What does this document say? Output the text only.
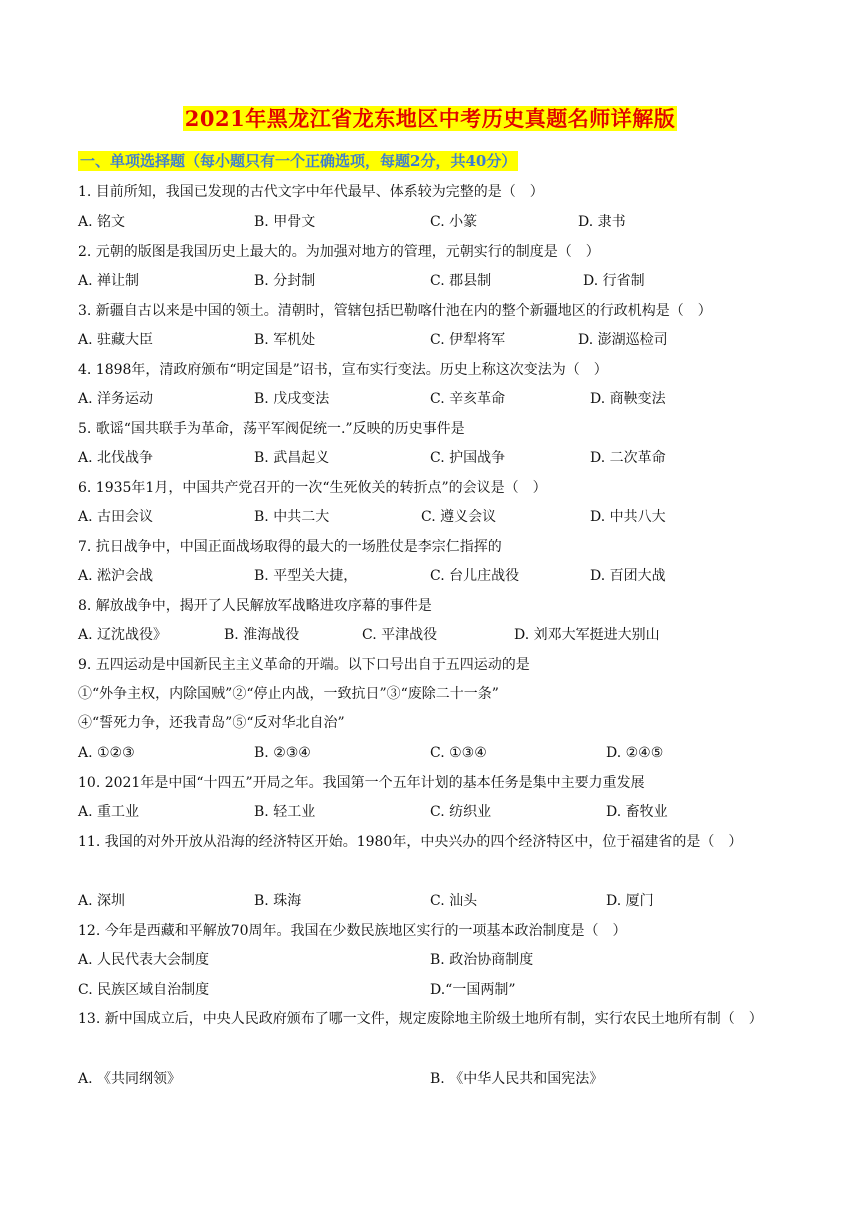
2021年黑龙江省龙东地区中考历史真题名师详解版
一、单项选择题（每小题只有一个正确选项，每题2分，共40分）
1. 目前所知，我国已发现的古代文字中年代最早、体系较为完整的是（　）
A. 铭文	B. 甲骨文	C. 小篆	D. 隶书
2. 元朝的版图是我国历史上最大的。为加强对地方的管理，元朝实行的制度是（　）
A. 禅让制	B. 分封制	C. 郡县制	D. 行省制
3. 新疆自古以来是中国的领土。清朝时，管辖包括巴勒喀什池在内的整个新疆地区的行政机构是（　）
A. 驻藏大臣	B. 军机处	C. 伊犁将军	D. 澎湖巡检司
4. 1898年，清政府颁布“明定国是”诏书，宣布实行变法。历史上称这次变法为（　）
A. 洋务运动	B. 戊戌变法	C. 辛亥革命	D. 商鞅变法
5. 歌谣“国共联手为革命，荡平军阀促统一.”反映的历史事件是
A. 北伐战争	B. 武昌起义	C. 护国战争	D. 二次革命
6. 1935年1月，中国共产党召开的一次“生死攸关的转折点”的会议是（　）
A. 古田会议	B. 中共二大	C. 遵义会议	D. 中共八大
7. 抗日战争中，中国正面战场取得的最大的一场胜仗是李宗仁指挥的
A. 淞沪会战	B. 平型关大捷，	C. 台儿庄战役	D. 百团大战
8. 解放战争中，揭开了人民解放军战略进攻序幕的事件是
A. 辽沈战役》	B. 淮海战役	C. 平津战役	D. 刘邓大军挺进大别山
9. 五四运动是中国新民主主义革命的开端。以下口号出自于五四运动的是
①“外争主权，内除国贼”②“停止内战，一致抗日”③“废除二十一条”
④“誓死力争，还我青岛”⑤“反对华北自治”
A. ①②③	B. ②③④	C. ①③④	D. ②④⑤
10. 2021年是中国“十四五”开局之年。我国第一个五年计划的基本任务是集中主要力重发展
A. 重工业	B. 轻工业	C. 纺织业	D. 畜牧业
11. 我国的对外开放从沿海的经济特区开始。1980年，中央兴办的四个经济特区中，位于福建省的是（　）
A. 深圳	B. 珠海	C. 汕头	D. 厦门
12. 今年是西藏和平解放70周年。我国在少数民族地区实行的一项基本政治制度是（　）
A. 人民代表大会制度	B. 政治协商制度
C. 民族区域自治制度	D.“一国两制”
13. 新中国成立后，中央人民政府颁布了哪一文件，规定废除地主阶级土地所有制，实行农民土地所有制（　）
A. 《共同纲领》	B. 《中华人民共和国宪法》
